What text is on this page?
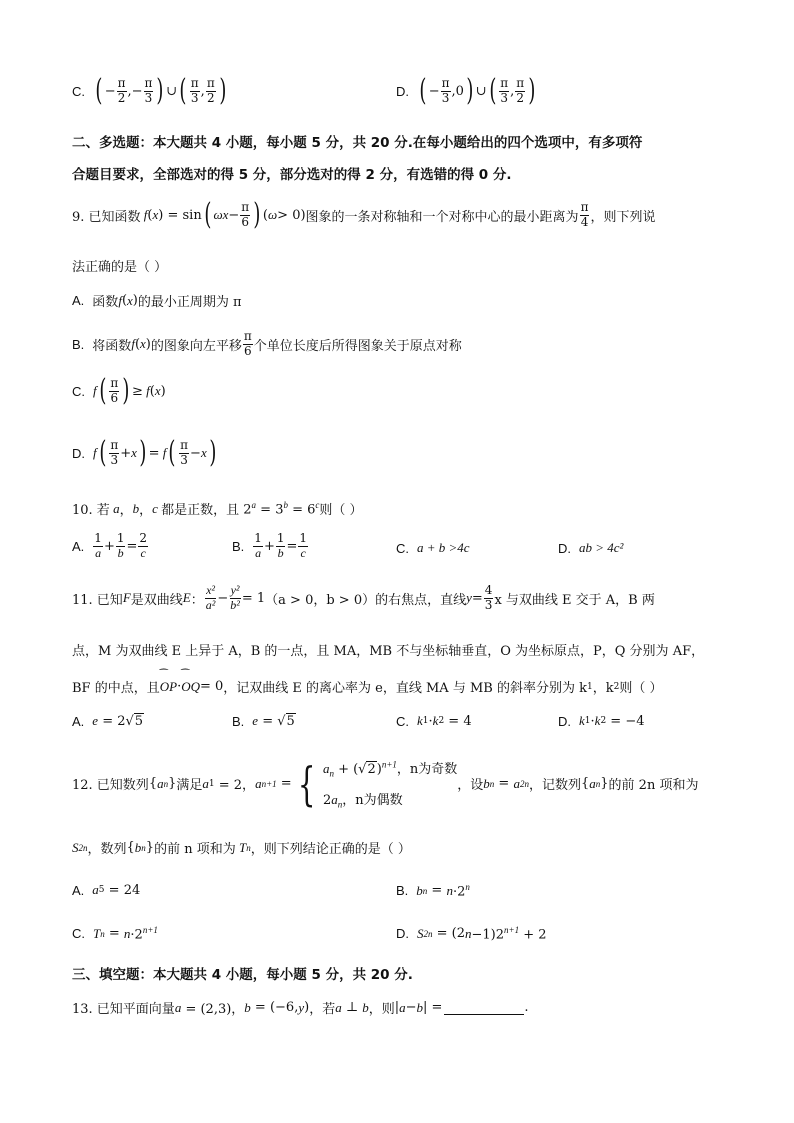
C. ( − $\frac{\pi}{2}$ ,− $\frac{\pi}{3}$ ) ∪ ( $\frac{\pi}{3}$ , $\frac{\pi}{2}$ )	D. ( − $\frac{\pi}{3} ,0$ ) ∪ ( $\frac{\pi}{3}$ , $\frac{\pi}{2}$ )
二、多选题：本大题共 4 小题，每小题 5 分，共 20 分.在每小题给出的四个选项中，有多项符
合题目要求，全部选对的得 5 分，部分选对的得 2 分，有选错的得 0 分.
9. 已知函数 f ( x ) = sin ( $\omega x - \frac{\pi}{6}$ ) ( ω > 0) 图象的一条对称轴和一个对称中心的最小距离为 $\frac{\pi}{4}$ ，则下列说
法正确的是（ ）
A. 函数 f ( x ) 的最小正周期为 π
B. 将函数 f ( x ) 的图象向左平移 $\frac{\pi}{6}$ 个单位长度后所得图象关于原点对称
C. f ( $\frac{\pi}{6}$ ) ≥ f ( x )
D. f ( $\frac{\pi}{3} + x$ ) = f ( $\frac{\pi}{3} - x$ )
10. 若 a ， b ， c 都是正数，且 $2^a = 3^b = 6^c$ 则（ ）
A. $\frac{1}{a} + \frac{1}{b} = \frac{2}{c}$	B. $\frac{1}{a} + \frac{1}{b} = \frac{1}{c}$	C. a + b >4c	D. ab > 4c²
11. 已知 F 是双曲线 E ： $\frac{\text{x²}}{\text{a²}} - \frac{\text{y²}}{\text{b²}} = 1$ （a > 0，b > 0）的右焦点，直线 $y = \frac{4}{3}$ x 与双曲线 E 交于 A，B 两
点，M 为双曲线 E 上异于 A，B 的一点，且 MA，MB 不与坐标轴垂直，O 为坐标原点，P，Q 分别为 AF，
BF 的中点，且 ⁀ OP · ⁀ OQ = 0 ，记双曲线 E 的离心率为 e，直线 MA 与 MB 的斜率分别为 k 1 ，k 2 则（ ）
A. e = 2√5	B. e = √5	C. k 1 · k 2 = 4	D. k 1 · k 2 = −4
12. 已知数列 { a n } 满足 a 1 = 2， a n+1 = { $a_n + (√2)^{n+1}$，n为奇数
$2a_n$，n为偶数
，设 b n = a 2n ，记数列 { a n } 的前 2n 项和为
S 2n ，数列 { b n } 的前 n 项和为 T n ，则下列结论正确的是（ ）
A. a 5 = 24	B. b $n = n \cdot 2^n$
C. T $n = n \cdot 2^{n+1}$	D. S 2n = (2 $n -1)2^{n+1} + 2$
三、填空题：本大题共 4 小题，每小题 5 分，共 20 分.
13. 已知平面向量 a = (2,3)， b = (−6, y ) ，若 a ⊥ b ，则 | a − b | =	.
